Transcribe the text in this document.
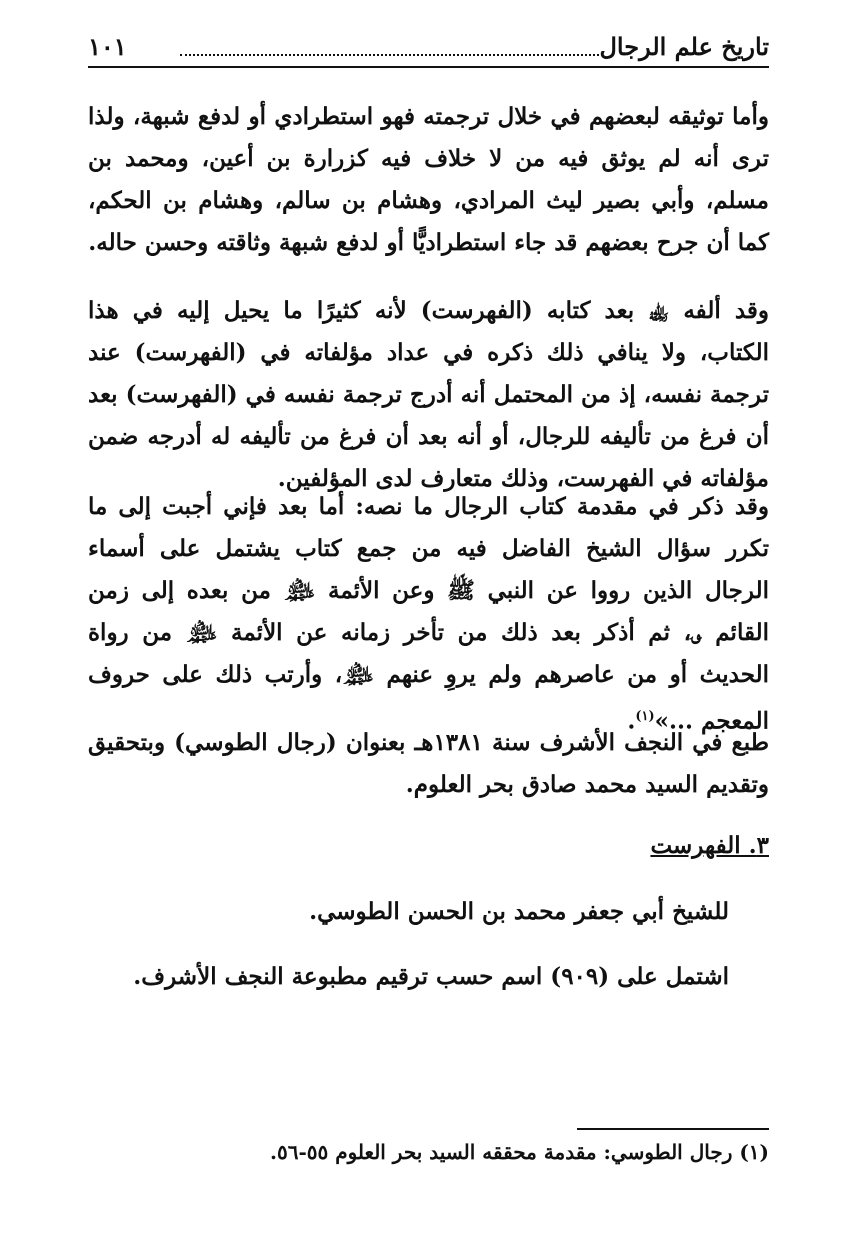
تاريخ علم الرجال
١٠١
وأما توثيقه لبعضهم في خلال ترجمته فهو استطرادي أو لدفع شبهة، ولذا ترى أنه لم يوثق فيه من لا خلاف فيه كزرارة بن أعين، ومحمد بن مسلم، وأبي بصير ليث المرادي، وهشام بن سالم، وهشام بن الحكم، كما أن جرح بعضهم قد جاء استطراديًّا أو لدفع شبهة وثاقته وحسن حاله.
وقد ألفه ﵀ بعد كتابه (الفهرست) لأنه كثيرًا ما يحيل إليه في هذا الكتاب، ولا ينافي ذلك ذكره في عداد مؤلفاته في (الفهرست) عند ترجمة نفسه، إذ من المحتمل أنه أدرج ترجمة نفسه في (الفهرست) بعد أن فرغ من تأليفه للرجال، أو أنه بعد أن فرغ من تأليفه له أدرجه ضمن مؤلفاته في الفهرست، وذلك متعارف لدى المؤلفين.
وقد ذكر في مقدمة كتاب الرجال ما نصه: أما بعد فإني أجبت إلى ما تكرر سؤال الشيخ الفاضل فيه من جمع كتاب يشتمل على أسماء الرجال الذين رووا عن النبي ﷺ وعن الأئمة ﵈ من بعده إلى زمن القائم ؈، ثم أذكر بعد ذلك من تأخر زمانه عن الأئمة ﵈ من رواة الحديث أو من عاصرهم ولم يروِ عنهم ﵈، وأرتب ذلك على حروف المعجم ...»$^{(١)}$.
طبع في النجف الأشرف سنة ١٣٨١هـ بعنوان (رجال الطوسي) وبتحقيق وتقديم السيد محمد صادق بحر العلوم.
٣. الفهرست
للشيخ أبي جعفر محمد بن الحسن الطوسي.
اشتمل على (٩٠٩) اسم حسب ترقيم مطبوعة النجف الأشرف.
(١) رجال الطوسي: مقدمة محققه السيد بحر العلوم ٥٥-٥٦.
